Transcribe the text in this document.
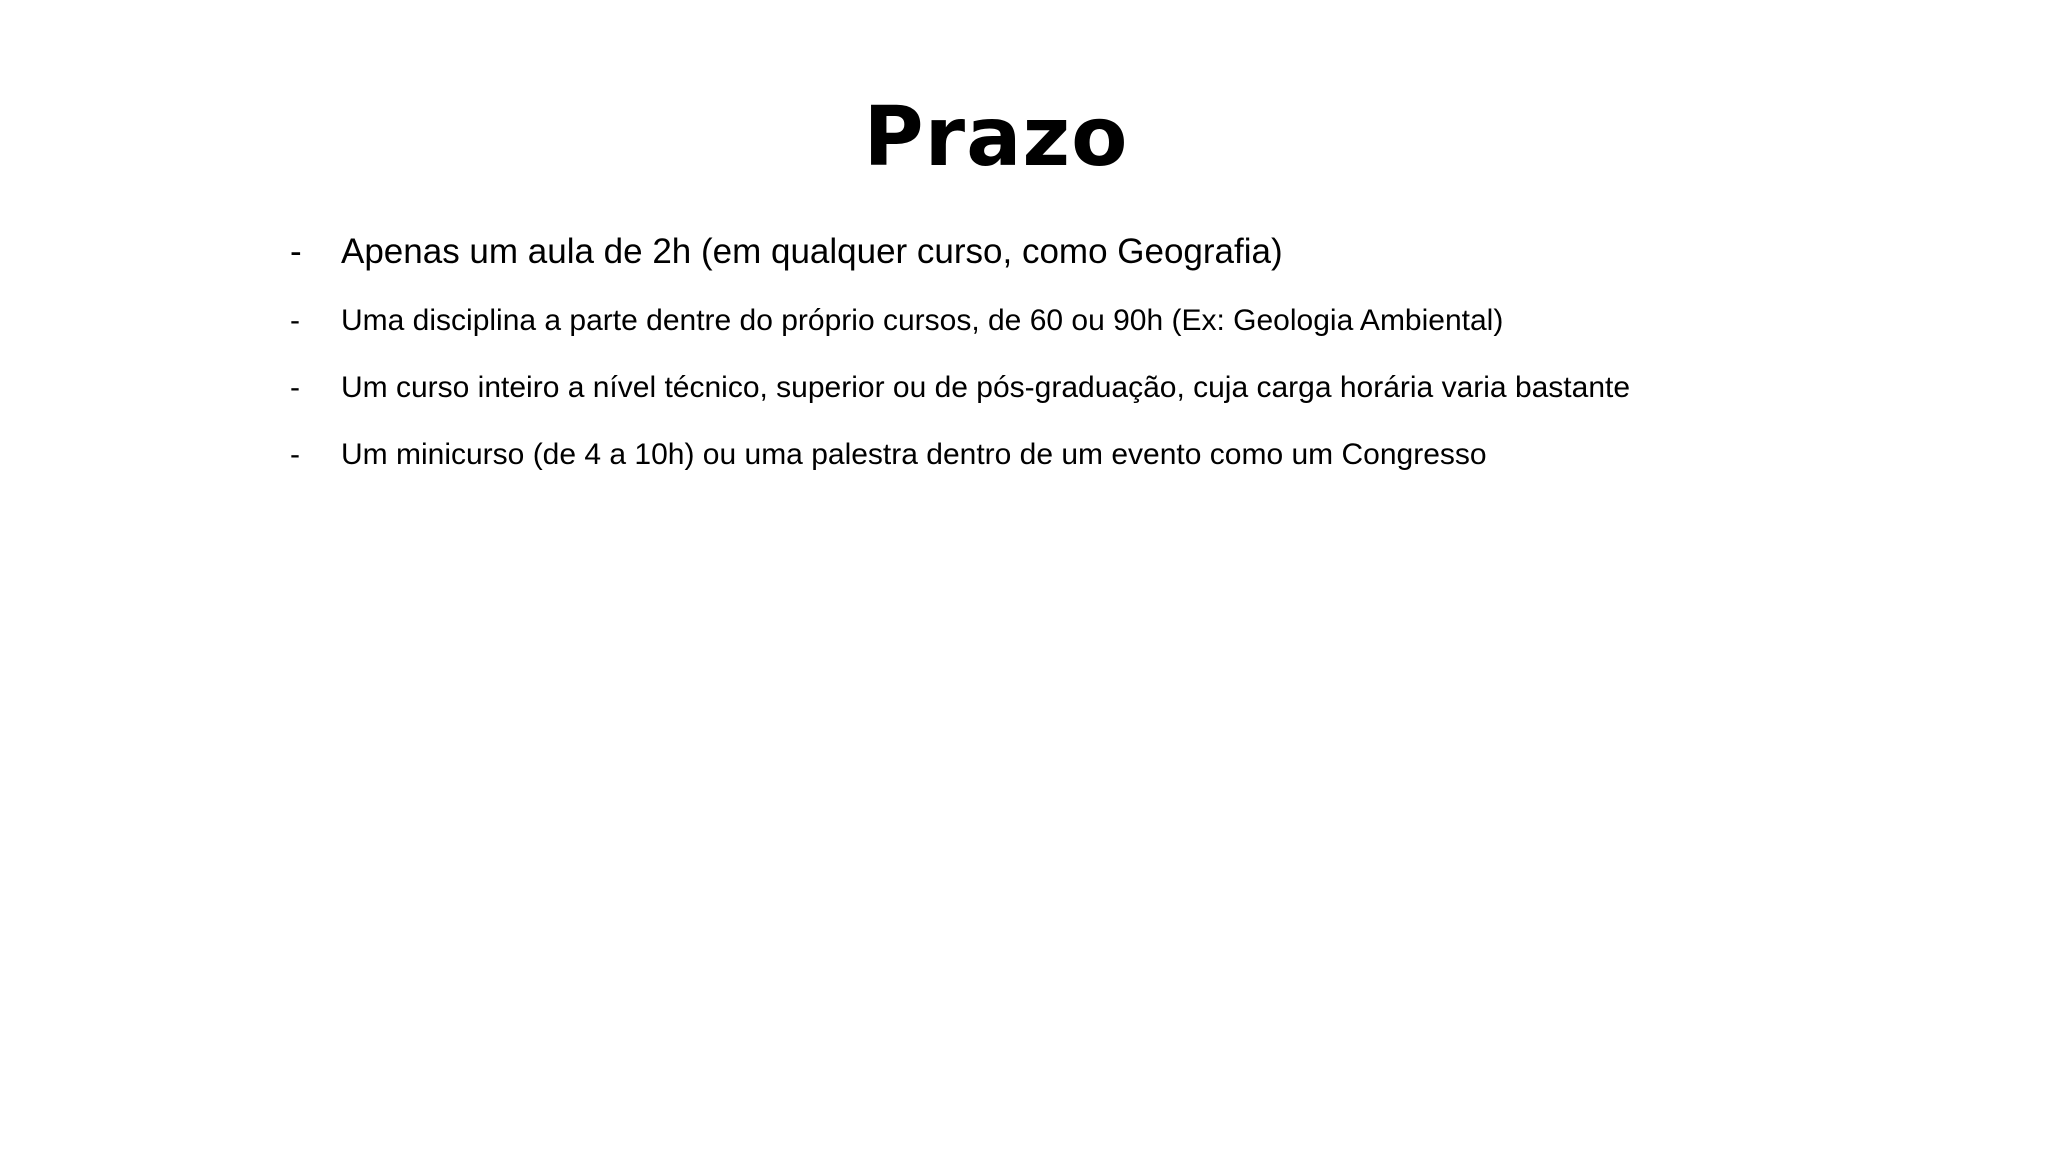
Prazo
-	Apenas um aula de 2h (em qualquer curso, como Geografia)
-	Uma disciplina a parte dentre do próprio cursos, de 60 ou 90h (Ex: Geologia Ambiental)
-	Um curso inteiro a nível técnico, superior ou de pós-graduação, cuja carga horária varia bastante
-	Um minicurso (de 4 a 10h) ou uma palestra dentro de um evento como um Congresso
